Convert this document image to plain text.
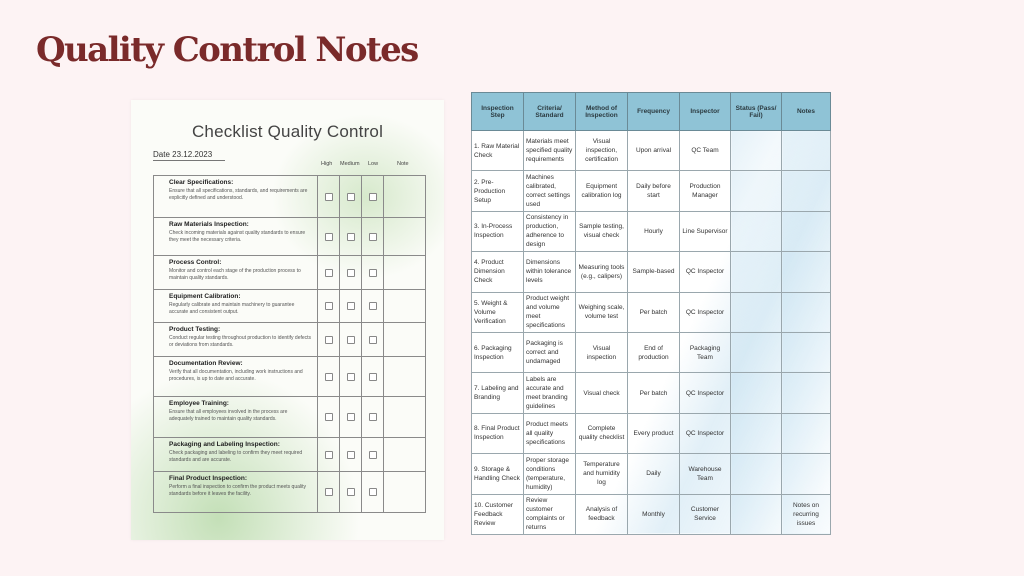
Quality Control Notes
Checklist Quality Control
Date 23.12.2023
High Medium Low	Note
Clear Specifications:
Ensure that all specifications, standards, and requirements are explicitly defined and understood.				

Raw Materials Inspection:
Check incoming materials against quality standards to ensure they meet the necessary criteria.				

Process Control:
Monitor and control each stage of the production process to maintain quality standards.				

Equipment Calibration:
Regularly calibrate and maintain machinery to guarantee accurate and consistent output.				

Product Testing:
Conduct regular testing throughout production to identify defects or deviations from standards.				

Documentation Review:
Verify that all documentation, including work instructions and procedures, is up to date and accurate.				

Employee Training:
Ensure that all employees involved in the process are adequately trained to maintain quality standards.				

Packaging and Labeling Inspection:
Check packaging and labeling to confirm they meet required standards and are accurate.				

Final Product Inspection:
Perform a final inspection to confirm the product meets quality standards before it leaves the facility.				

Inspection Step	Criteria/ Standard	Method of Inspection	Frequency	Inspector	Status (Pass/ Fail)	Notes
1. Raw Material Check	Materials meet specified quality requirements	Visual inspection, certification	Upon arrival	QC Team		
2. Pre-Production Setup	Machines calibrated, correct settings used	Equipment calibration log	Daily before start	Production Manager		
3. In-Process Inspection	Consistency in production, adherence to design	Sample testing, visual check	Hourly	Line Supervisor		
4. Product Dimension Check	Dimensions within tolerance levels	Measuring tools (e.g., calipers)	Sample-based	QC Inspector		
5. Weight & Volume Verification	Product weight and volume meet specifications	Weighing scale, volume test	Per batch	QC Inspector		
6. Packaging Inspection	Packaging is correct and undamaged	Visual inspection	End of production	Packaging Team		
7. Labeling and Branding	Labels are accurate and meet branding guidelines	Visual check	Per batch	QC Inspector		
8. Final Product Inspection	Product meets all quality specifications	Complete quality checklist	Every product	QC Inspector		
9. Storage & Handling Check	Proper storage conditions (temperature, humidity)	Temperature and humidity log	Daily	Warehouse Team		
10. Customer Feedback Review	Review customer complaints or returns	Analysis of feedback	Monthly	Customer Service		Notes on recurring issues
